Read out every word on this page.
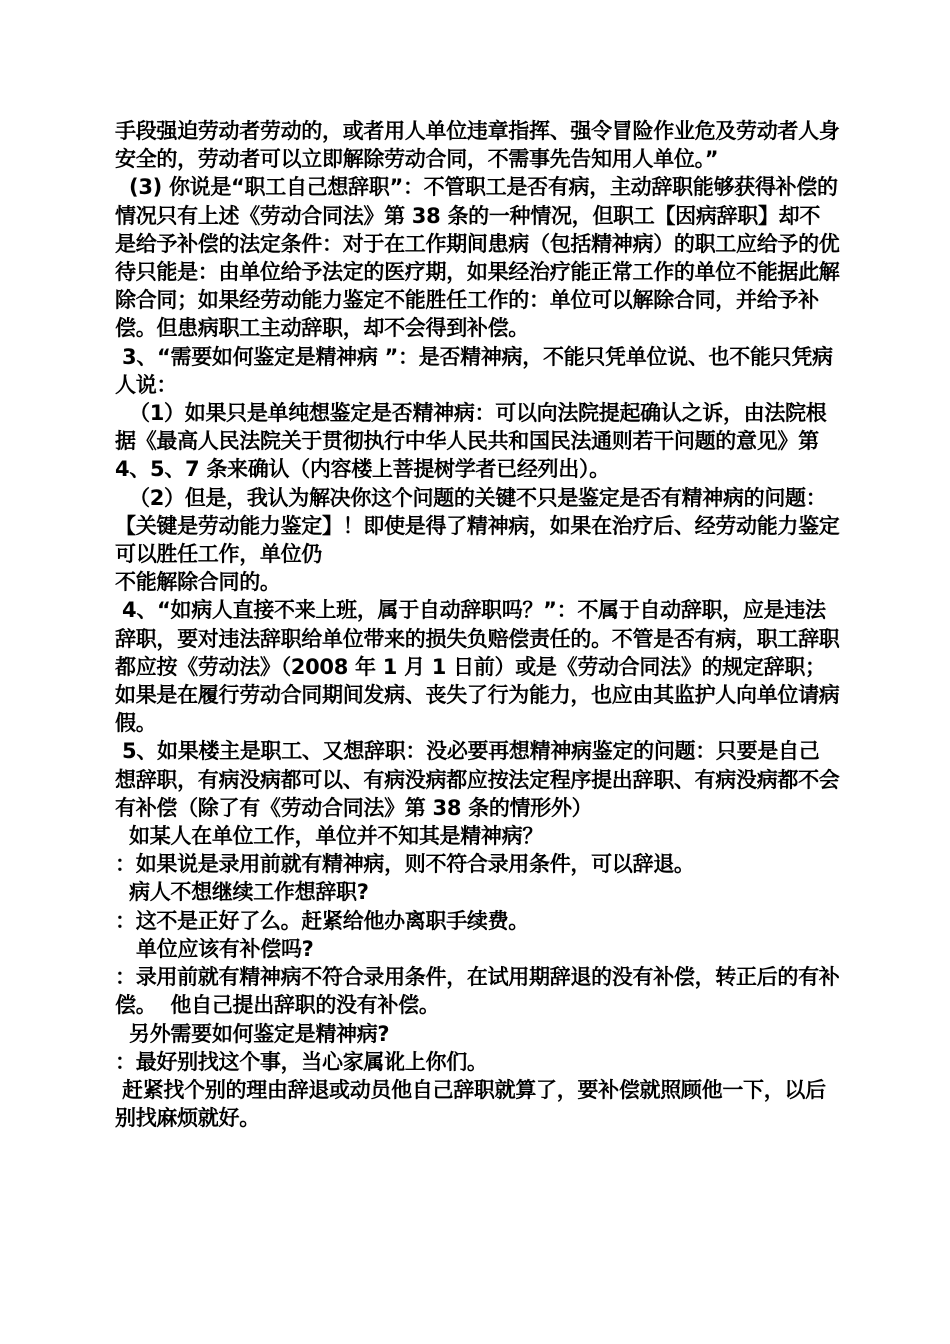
手段强迫劳动者劳动的，或者用人单位违章指挥、强令冒险作业危及劳动者人身安全的，劳动者可以立即解除劳动合同，不需事先告知用人单位。”

(3) 你说是“职工自己想辞职”：不管职工是否有病，主动辞职能够获得补偿的情况只有上述《劳动合同法》第 38 条的一种情况，但职工【因病辞职】却不是给予补偿的法定条件：对于在工作期间患病（包括精神病）的职工应给予的优待只能是：由单位给予法定的医疗期，如果经治疗能正常工作的单位不能据此解除合同；如果经劳动能力鉴定不能胜任工作的：单位可以解除合同，并给予补偿。但患病职工主动辞职，却不会得到补偿。

3、“需要如何鉴定是精神病 ”：是否精神病，不能只凭单位说、也不能只凭病人说：

（1）如果只是单纯想鉴定是否精神病：可以向法院提起确认之诉，由法院根据《最高人民法院关于贯彻执行中华人民共和国民法通则若干问题的意见》第 4、5、7 条来确认（内容楼上菩提树学者已经列出）。

（2）但是，我认为解决你这个问题的关键不只是鉴定是否有精神病的问题：【关键是劳动能力鉴定】！即使是得了精神病，如果在治疗后、经劳动能力鉴定可以胜任工作，单位仍

不能解除合同的。

4、“如病人直接不来上班，属于自动辞职吗？”：不属于自动辞职，应是违法辞职，要对违法辞职给单位带来的损失负赔偿责任的。不管是否有病，职工辞职都应按《劳动法》（2008 年 1 月 1 日前）或是《劳动合同法》的规定辞职；如果是在履行劳动合同期间发病、丧失了行为能力，也应由其监护人向单位请病假。

5、如果楼主是职工、又想辞职：没必要再想精神病鉴定的问题：只要是自己想辞职，有病没病都可以、有病没病都应按法定程序提出辞职、有病没病都不会有补偿（除了有《劳动合同法》第 38 条的情形外）

如某人在单位工作，单位并不知其是精神病？

：如果说是录用前就有精神病，则不符合录用条件，可以辞退。

病人不想继续工作想辞职?

：这不是正好了么。赶紧给他办离职手续费。

单位应该有补偿吗?

：录用前就有精神病不符合录用条件，在试用期辞退的没有补偿，转正后的有补偿。  他自己提出辞职的没有补偿。

另外需要如何鉴定是精神病?

：最好别找这个事，当心家属讹上你们。

赶紧找个别的理由辞退或动员他自己辞职就算了，要补偿就照顾他一下，以后别找麻烦就好。
